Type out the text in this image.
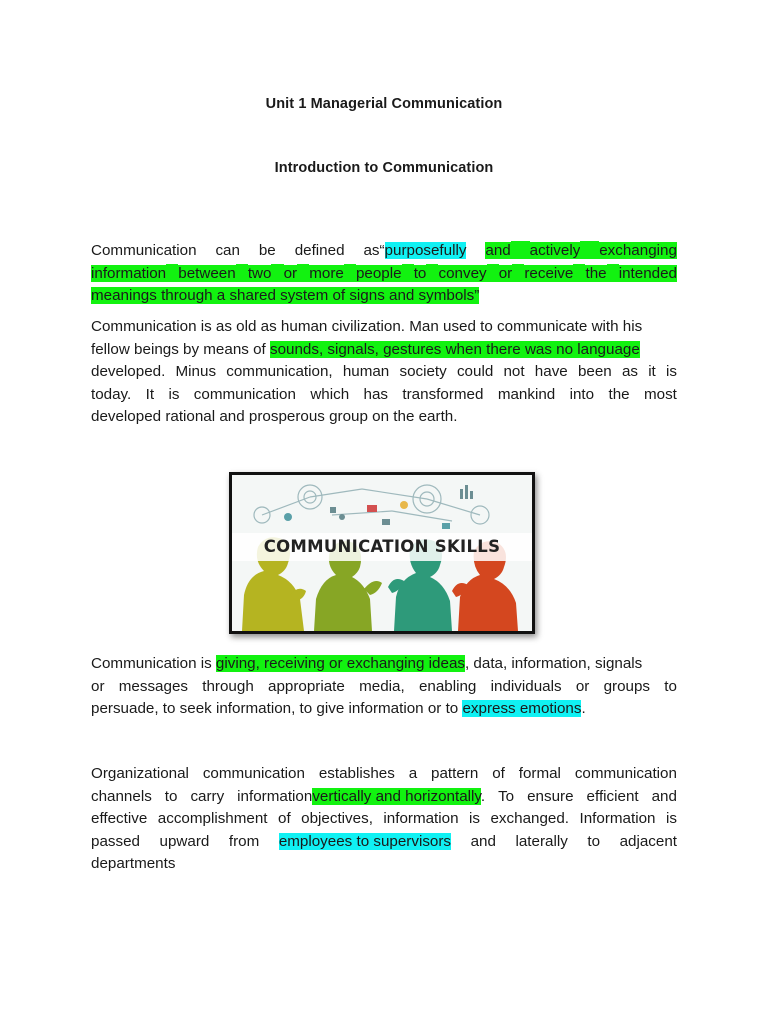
Unit 1 Managerial Communication
Introduction to Communication
Communication can be defined as“purposefully and	actively	exchanging
information between two or more people to convey or receive the intended
meanings through a shared system of signs and symbols”
Communication is as old as human civilization. Man used to communicate with his
fellow beings by means of sounds, signals, gestures when there was no language
developed. Minus communication, human society could not have been as it is
today. It is communication which has transformed mankind into the most
developed rational and prosperous group on the earth.
COMMUNICATION SKILLS
Communication is giving, receiving or exchanging ideas, data, information, signals
or messages through appropriate media, enabling individuals or groups to
persuade, to seek information, to give information or to express emotions.
Organizational communication establishes a pattern of formal communication
channels to carry informationvertically and horizontally. To ensure efficient and
effective accomplishment of objectives, information is exchanged. Information is
passed upward from employees to supervisors and laterally to adjacent
departments
